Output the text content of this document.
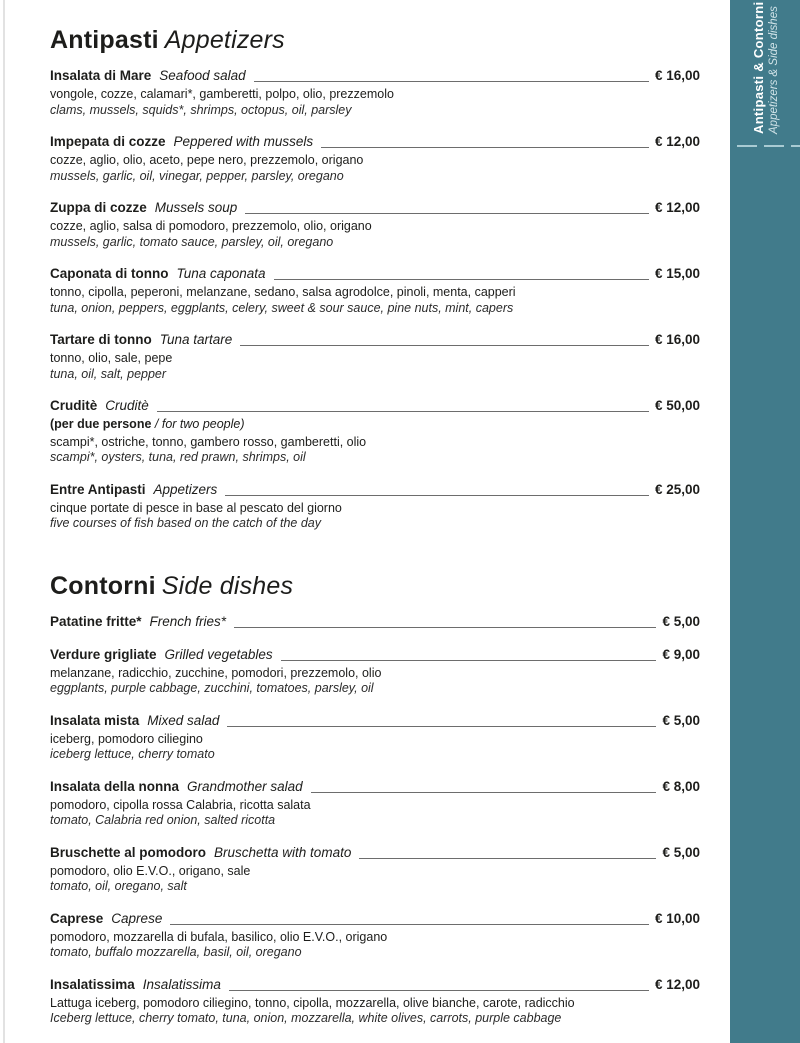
Antipasti Appetizers
Insalata di Mare Seafood salad	€ 16,00
vongole, cozze, calamari*, gamberetti, polpo, olio, prezzemolo
clams, mussels, squids*, shrimps, octopus, oil, parsley
Impepata di cozze Peppered with mussels	€ 12,00
cozze, aglio, olio, aceto, pepe nero, prezzemolo, origano
mussels, garlic, oil, vinegar, pepper, parsley, oregano
Zuppa di cozze Mussels soup	€ 12,00
cozze, aglio, salsa di pomodoro, prezzemolo, olio, origano
mussels, garlic, tomato sauce, parsley, oil, oregano
Caponata di tonno Tuna caponata	€ 15,00
tonno, cipolla, peperoni, melanzane, sedano, salsa agrodolce, pinoli, menta, capperi
tuna, onion, peppers, eggplants, celery, sweet & sour sauce, pine nuts, mint, capers
Tartare di tonno Tuna tartare	€ 16,00
tonno, olio, sale, pepe
tuna, oil, salt, pepper
Cruditè Cruditè	€ 50,00
(per due persone / for two people)
scampi*, ostriche, tonno, gambero rosso, gamberetti, olio
scampi*, oysters, tuna, red prawn, shrimps, oil
Entre Antipasti Appetizers	€ 25,00
cinque portate di pesce in base al pescato del giorno
five courses of fish based on the catch of the day
Contorni Side dishes
Patatine fritte* French fries*	€ 5,00
Verdure grigliate Grilled vegetables	€ 9,00
melanzane, radicchio, zucchine, pomodori, prezzemolo, olio
eggplants, purple cabbage, zucchini, tomatoes, parsley, oil
Insalata mista Mixed salad	€ 5,00
iceberg, pomodoro ciliegino
iceberg lettuce, cherry tomato
Insalata della nonna Grandmother salad	€ 8,00
pomodoro, cipolla rossa Calabria, ricotta salata
tomato, Calabria red onion, salted ricotta
Bruschette al pomodoro Bruschetta with tomato	€ 5,00
pomodoro, olio E.V.O., origano, sale
tomato, oil, oregano, salt
Caprese Caprese	€ 10,00
pomodoro, mozzarella di bufala, basilico, olio E.V.O., origano
tomato, buffalo mozzarella, basil, oil, oregano
Insalatissima Insalatissima	€ 12,00
Lattuga iceberg, pomodoro ciliegino, tonno, cipolla, mozzarella, olive bianche, carote, radicchio
Iceberg lettuce, cherry tomato, tuna, onion, mozzarella, white olives, carrots, purple cabbage
Antipasti & Contorni Appetizers & Side dishes
